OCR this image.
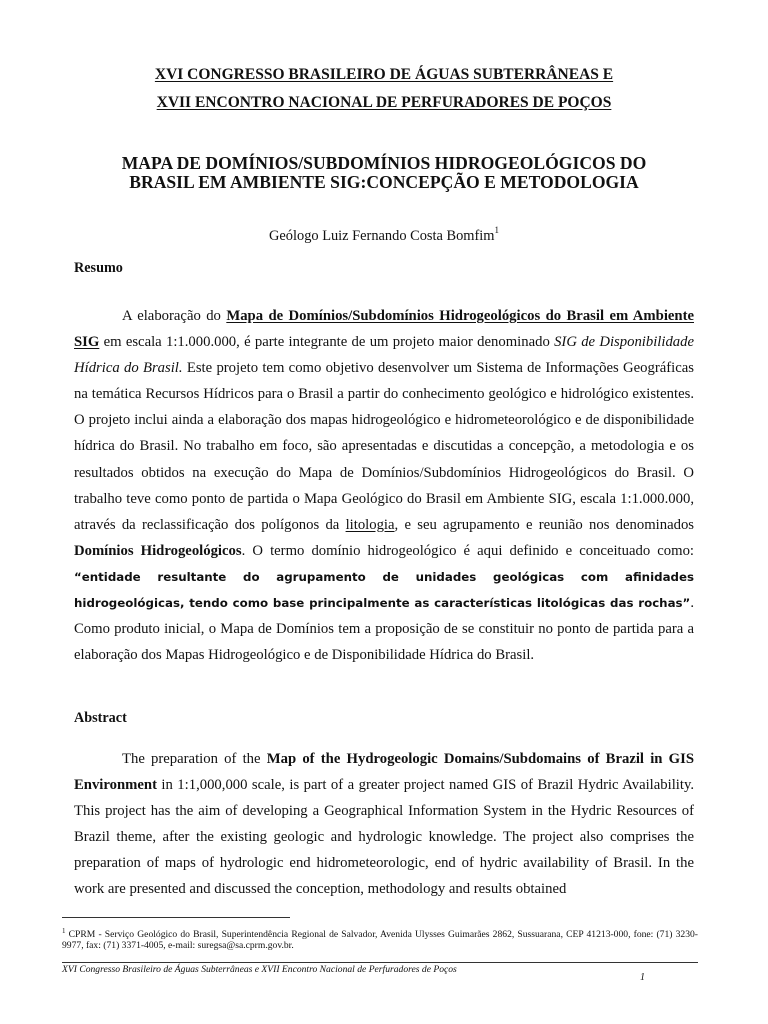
XVI CONGRESSO BRASILEIRO DE ÁGUAS SUBTERRÂNEAS E
XVII ENCONTRO NACIONAL DE PERFURADORES DE POÇOS
MAPA DE DOMÍNIOS/SUBDOMÍNIOS HIDROGEOLÓGICOS DO
BRASIL EM AMBIENTE SIG:CONCEPÇÃO E METODOLOGIA
Geólogo Luiz Fernando Costa Bomfim$^1$
Resumo
A elaboração do Mapa de Domínios/Subdomínios Hidrogeológicos do Brasil em Ambiente SIG em escala 1:1.000.000, é parte integrante de um projeto maior denominado SIG de Disponibilidade Hídrica do Brasil. Este projeto tem como objetivo desenvolver um Sistema de Informações Geográficas na temática Recursos Hídricos para o Brasil a partir do conhecimento geológico e hidrológico existentes. O projeto inclui ainda a elaboração dos mapas hidrogeológico e hidrometeorológico e de disponibilidade hídrica do Brasil. No trabalho em foco, são apresentadas e discutidas a concepção, a metodologia e os resultados obtidos na execução do Mapa de Domínios/Subdomínios Hidrogeológicos do Brasil. O trabalho teve como ponto de partida o Mapa Geológico do Brasil em Ambiente SIG, escala 1:1.000.000, através da reclassificação dos polígonos da litologia, e seu agrupamento e reunião nos denominados Domínios Hidrogeológicos. O termo domínio hidrogeológico é aqui definido e conceituado como: “entidade resultante do agrupamento de unidades geológicas com afinidades hidrogeológicas, tendo como base principalmente as características litológicas das rochas”. Como produto inicial, o Mapa de Domínios tem a proposição de se constituir no ponto de partida para a elaboração dos Mapas Hidrogeológico e de Disponibilidade Hídrica do Brasil.
Abstract
The preparation of the Map of the Hydrogeologic Domains/Subdomains of Brazil in GIS Environment in 1:1,000,000 scale, is part of a greater project named GIS of Brazil Hydric Availability. This project has the aim of developing a Geographical Information System in the Hydric Resources of Brazil theme, after the existing geologic and hydrologic knowledge. The project also comprises the preparation of maps of hydrologic end hidrometeorologic, end of hydric availability of Brasil. In the work are presented and discussed the conception, methodology and results obtained
$^1$ CPRM - Serviço Geológico do Brasil, Superintendência Regional de Salvador, Avenida Ulysses Guimarães 2862, Sussuarana, CEP 41213-000, fone: (71) 3230-9977, fax: (71) 3371-4005, e-mail: suregsa@sa.cprm.gov.br.
XVI Congresso Brasileiro de Águas Subterrâneas e XVII Encontro Nacional de Perfuradores de Poços
1
